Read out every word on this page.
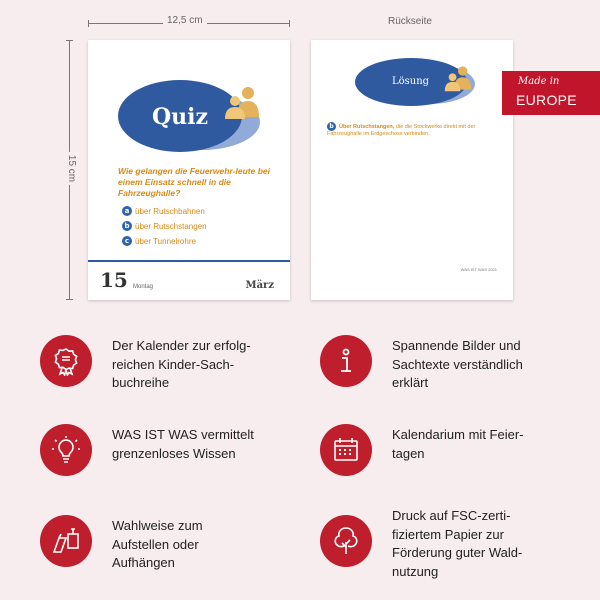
12,5 cm
15 cm
Rückseite
Quiz
Wie gelangen die Feuerwehr-leute bei einem Einsatz schnell in die Fahrzeughalle?
a über Rutschbahnen
b über Rutschstangen
c über Tunnelrohre
15 Montag	März
Lösung
b Über Rutschstangen, die die Stockwerke direkt mit der Fahrzeughalle im Erdgeschoss verbinden.
WAS IST WAS 2021
Made in
EUROPE
Der Kalender zur erfolg-
reichen Kinder-Sach-
buchreihe
Spannende Bilder und
Sachtexte verständlich
erklärt
WAS IST WAS vermittelt
grenzenloses Wissen
Kalendarium mit Feier-
tagen
Wahlweise zum
Aufstellen oder
Aufhängen
Druck auf FSC-zerti-
fiziertem Papier zur
Förderung guter Wald-
nutzung
